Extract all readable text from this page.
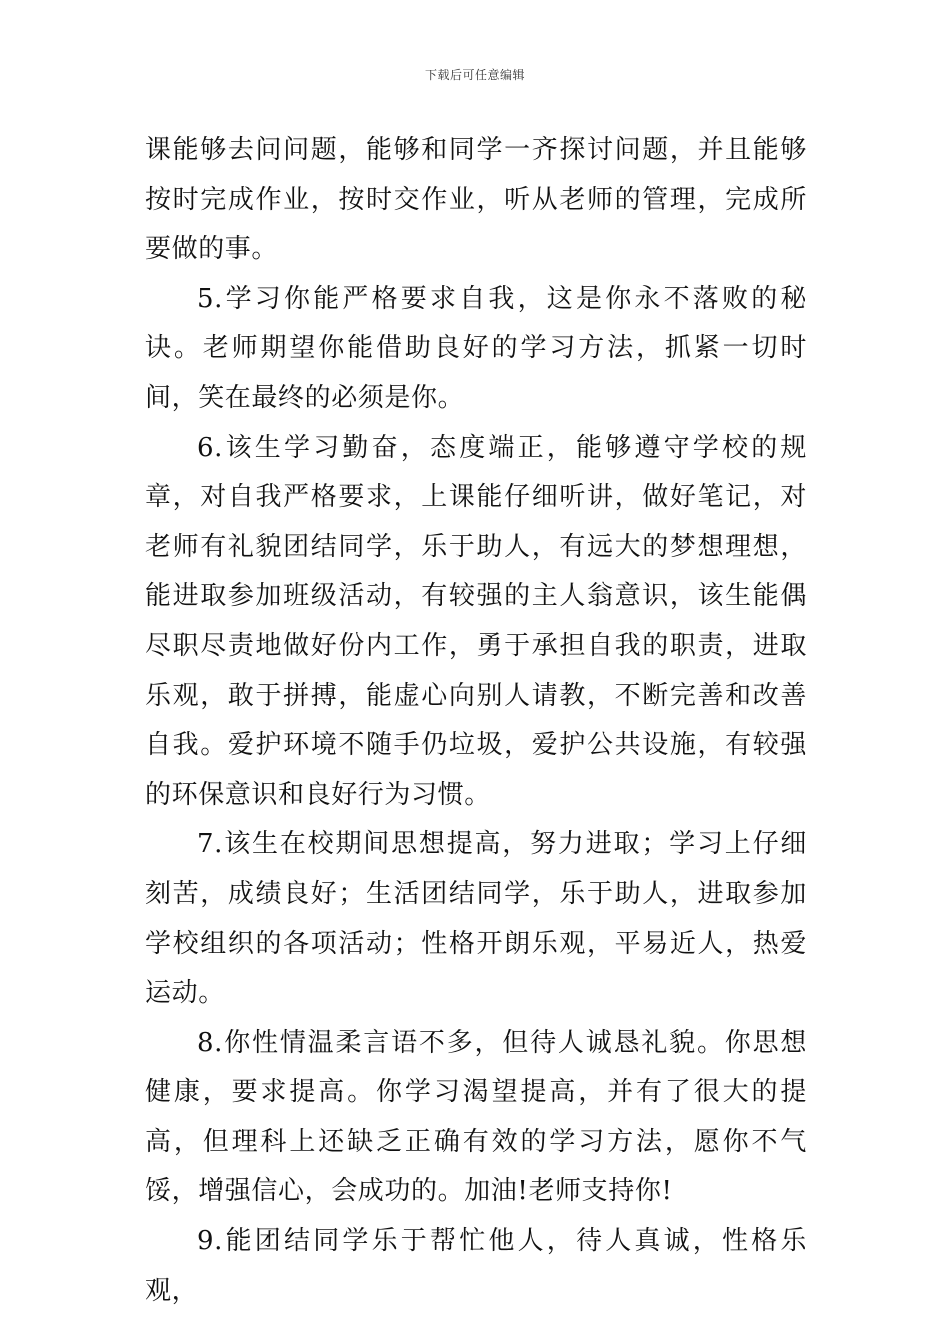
下载后可任意编辑

课能够去问问题，能够和同学一齐探讨问题，并且能够按时完成作业，按时交作业，听从老师的管理，完成所要做的事。

5.学习你能严格要求自我，这是你永不落败的秘诀。老师期望你能借助良好的学习方法，抓紧一切时间，笑在最终的必须是你。

6.该生学习勤奋，态度端正，能够遵守学校的规章，对自我严格要求，上课能仔细听讲，做好笔记，对老师有礼貌团结同学，乐于助人，有远大的梦想理想，能进取参加班级活动，有较强的主人翁意识，该生能偶尽职尽责地做好份内工作，勇于承担自我的职责，进取乐观，敢于拼搏，能虚心向别人请教，不断完善和改善自我。爱护环境不随手仍垃圾，爱护公共设施，有较强的环保意识和良好行为习惯。

7.该生在校期间思想提高，努力进取；学习上仔细刻苦，成绩良好；生活团结同学，乐于助人，进取参加学校组织的各项活动；性格开朗乐观，平易近人，热爱运动。

8.你性情温柔言语不多，但待人诚恳礼貌。你思想健康，要求提高。你学习渴望提高，并有了很大的提高，但理科上还缺乏正确有效的学习方法，愿你不气馁，增强信心，会成功的。加油!老师支持你!

9.能团结同学乐于帮忙他人，待人真诚，性格乐观，
